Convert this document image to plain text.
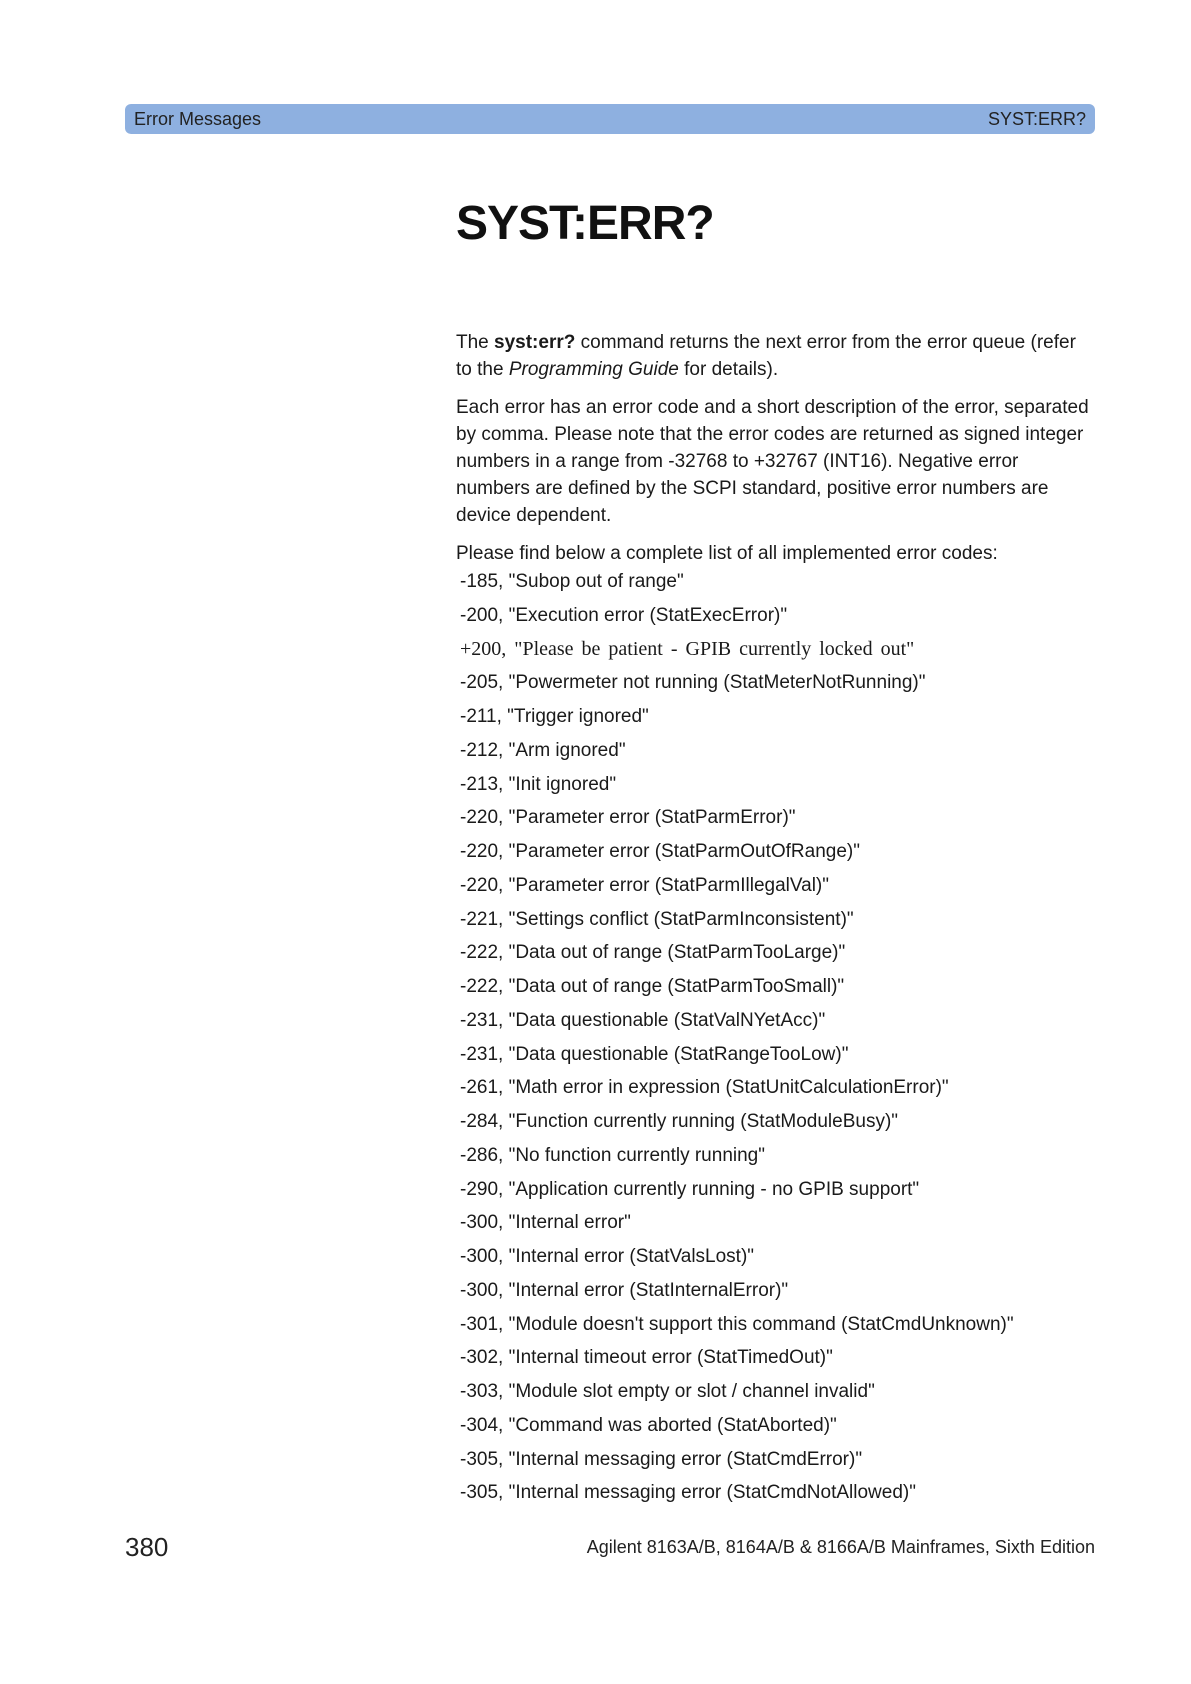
Error Messages	SYST:ERR?
SYST:ERR?

The syst:err? command returns the next error from the error queue (refer to the Programming Guide for details).

Each error has an error code and a short description of the error, separated by comma. Please note that the error codes are returned as signed integer numbers in a range from -32768 to +32767 (INT16). Negative error numbers are defined by the SCPI standard, positive error numbers are device dependent.

Please find below a complete list of all implemented error codes:

-185, "Subop out of range"
-200, "Execution error (StatExecError)"
+200, "Please be patient - GPIB currently locked out"
-205, "Powermeter not running (StatMeterNotRunning)"
-211, "Trigger ignored"
-212, "Arm ignored"
-213, "Init ignored"
-220, "Parameter error (StatParmError)"
-220, "Parameter error (StatParmOutOfRange)"
-220, "Parameter error (StatParmIllegalVal)"
-221, "Settings conflict (StatParmInconsistent)"
-222, "Data out of range (StatParmTooLarge)"
-222, "Data out of range (StatParmTooSmall)"
-231, "Data questionable (StatValNYetAcc)"
-231, "Data questionable (StatRangeTooLow)"
-261, "Math error in expression (StatUnitCalculationError)"
-284, "Function currently running (StatModuleBusy)"
-286, "No function currently running"
-290, "Application currently running - no GPIB support"
-300, "Internal error"
-300, "Internal error (StatValsLost)"
-300, "Internal error (StatInternalError)"
-301, "Module doesn't support this command (StatCmdUnknown)"
-302, "Internal timeout error (StatTimedOut)"
-303, "Module slot empty or slot / channel invalid"
-304, "Command was aborted (StatAborted)"
-305, "Internal messaging error (StatCmdError)"
-305, "Internal messaging error (StatCmdNotAllowed)"
380	Agilent 8163A/B, 8164A/B & 8166A/B Mainframes, Sixth Edition
